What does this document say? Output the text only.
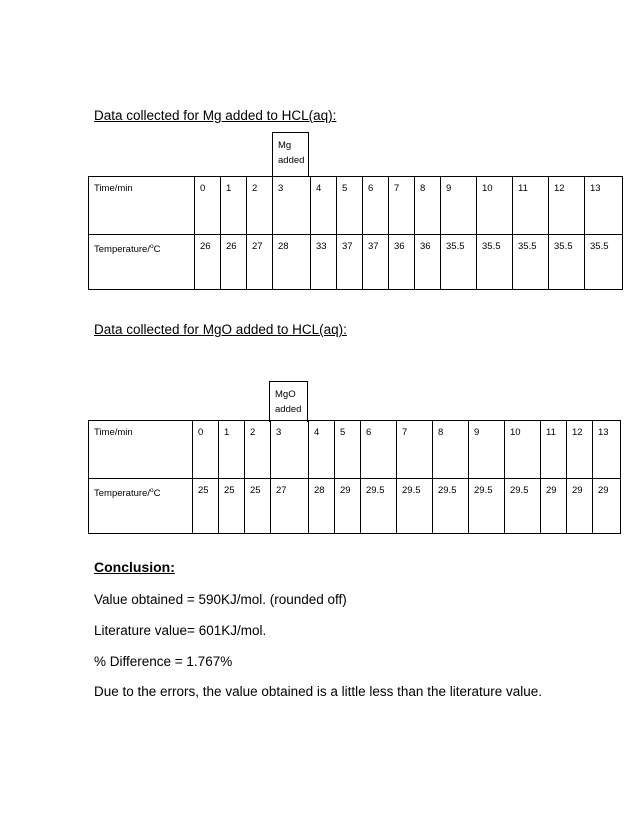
Data collected for Mg added to HCL(aq):
Mg
added
Time/min	0	1	2	3	4	5	6	7	8	9	10	11	12	13
Temperature/$^o$C	26	26	27	28	33	37	37	36	36	35.5	35.5	35.5	35.5	35.5
Data collected for MgO added to HCL(aq):
MgO
added
Time/min	0	1	2	3	4	5	6	7	8	9	10	11	12	13
Temperature/$^o$C	25	25	25	27	28	29	29.5	29.5	29.5	29.5	29.5	29	29	29
Conclusion:

Value obtained = 590KJ/mol. (rounded off)

Literature value= 601KJ/mol.

% Difference = 1.767%

Due to the errors, the value obtained is a little less than the literature value.
